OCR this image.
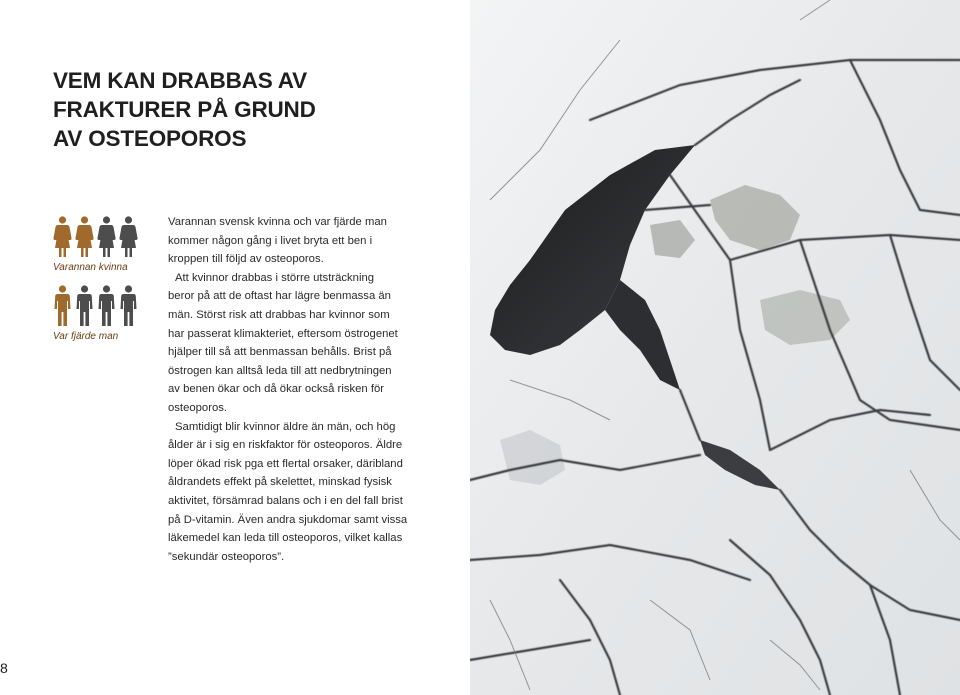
VEM KAN DRABBAS AV
FRAKTURER PÅ GRUND
AV OSTEOPOROS
Varannan kvinna
Var fjärde man

Varannan svensk kvinna och var fjärde man
kommer någon gång i livet bryta ett ben i
kroppen till följd av osteoporos.

Att kvinnor drabbas i större utsträckning
beror på att de oftast har lägre benmassa än
män. Störst risk att drabbas har kvinnor som
har passerat klimakteriet, eftersom östrogenet
hjälper till så att benmassan behålls. Brist på
östrogen kan alltså leda till att nedbrytningen
av benen ökar och då ökar också risken för
osteoporos.

Samtidigt blir kvinnor äldre än män, och hög
ålder är i sig en riskfaktor för osteoporos. Äldre
löper ökad risk pga ett flertal orsaker, däribland
åldrandets effekt på skelettet, minskad fysisk
aktivitet, försämrad balans och i en del fall brist
på D-vitamin. Även andra sjukdomar samt vissa
läkemedel kan leda till osteoporos, vilket kallas
”sekundär osteoporos”.

8
